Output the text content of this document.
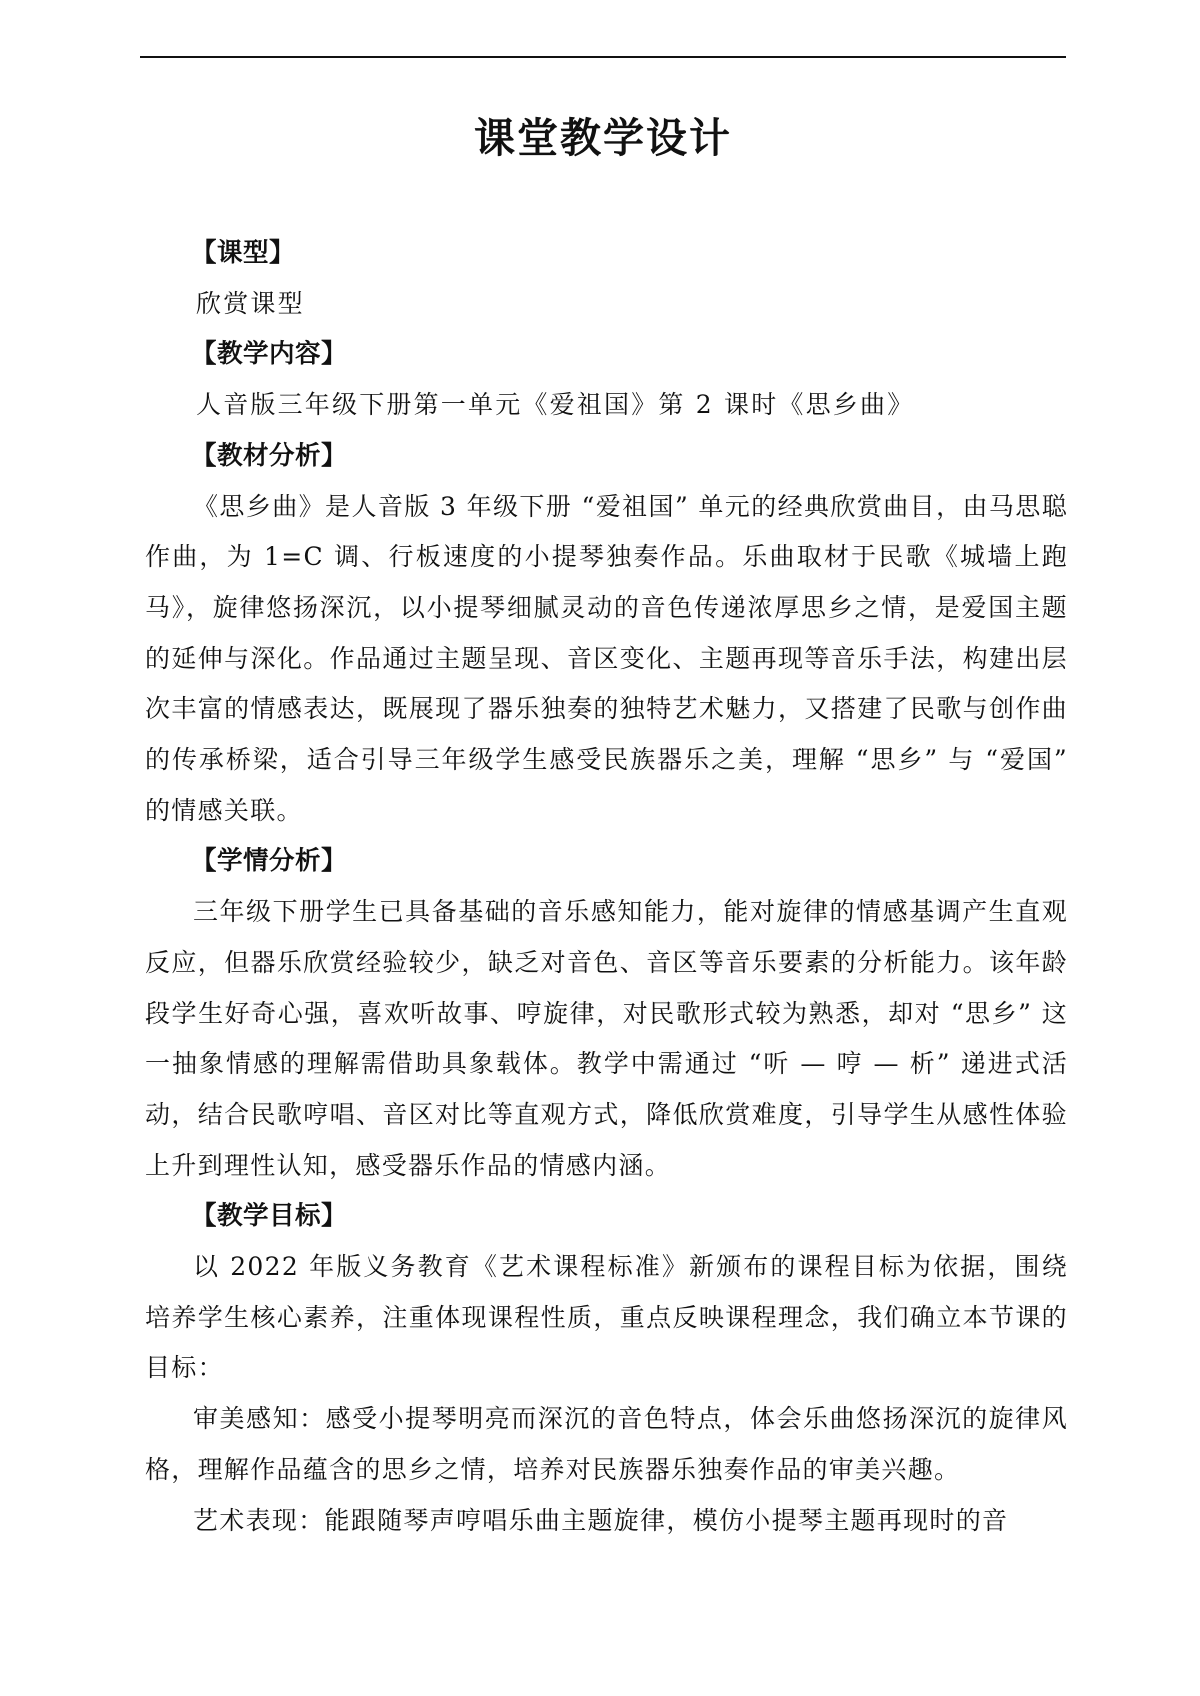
课堂教学设计
【课型】
欣赏课型
【教学内容】
人音版三年级下册第一单元《爱祖国》第 2 课时《思乡曲》
【教材分析】

《思乡曲》是人音版 3 年级下册 “爱祖国” 单元的经典欣赏曲目，由马思聪作曲，为 1=C 调、行板速度的小提琴独奏作品。乐曲取材于民歌《城墙上跑马》，旋律悠扬深沉，以小提琴细腻灵动的音色传递浓厚思乡之情，是爱国主题的延伸与深化。作品通过主题呈现、音区变化、主题再现等音乐手法，构建出层次丰富的情感表达，既展现了器乐独奏的独特艺术魅力，又搭建了民歌与创作曲的传承桥梁，适合引导三年级学生感受民族器乐之美，理解 “思乡” 与 “爱国” 的情感关联。

【学情分析】

三年级下册学生已具备基础的音乐感知能力，能对旋律的情感基调产生直观反应，但器乐欣赏经验较少，缺乏对音色、音区等音乐要素的分析能力。该年龄段学生好奇心强，喜欢听故事、哼旋律，对民歌形式较为熟悉，却对 “思乡” 这一抽象情感的理解需借助具象载体。教学中需通过 “听 — 哼 — 析” 递进式活动，结合民歌哼唱、音区对比等直观方式，降低欣赏难度，引导学生从感性体验上升到理性认知，感受器乐作品的情感内涵。

【教学目标】

以 2022 年版义务教育《艺术课程标准》新颁布的课程目标为依据，围绕培养学生核心素养，注重体现课程性质，重点反映课程理念，我们确立本节课的目标：

审美感知：感受小提琴明亮而深沉的音色特点，体会乐曲悠扬深沉的旋律风格，理解作品蕴含的思乡之情，培养对民族器乐独奏作品的审美兴趣。

艺术表现：能跟随琴声哼唱乐曲主题旋律，模仿小提琴主题再现时的音
